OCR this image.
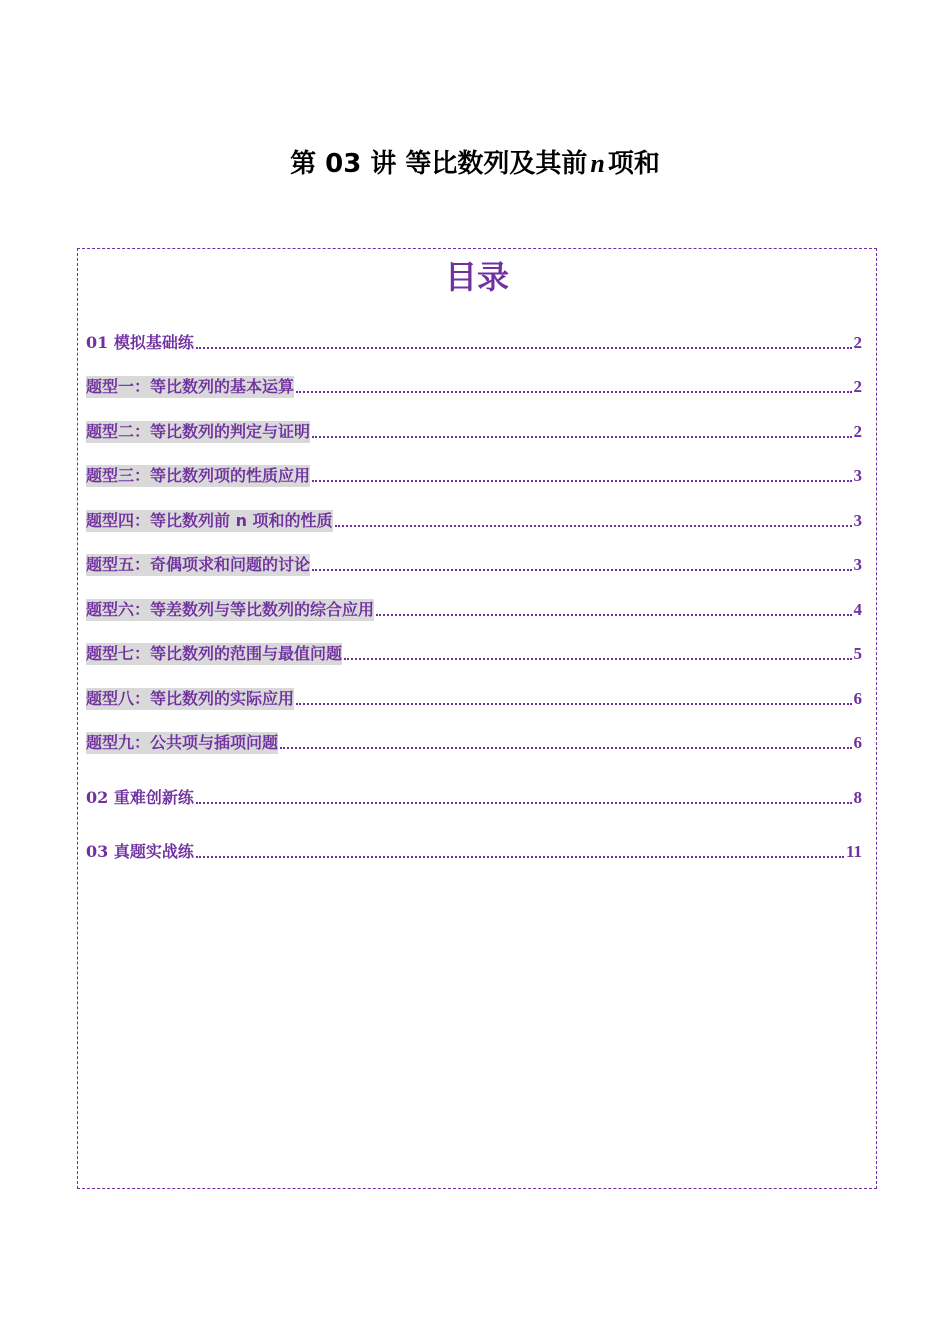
第 03 讲 等比数列及其前 n 项和
目录
01 模拟基础练	2
题型一：等比数列的基本运算	2
题型二：等比数列的判定与证明	2
题型三：等比数列项的性质应用	3
题型四：等比数列前 n 项和的性质	3
题型五：奇偶项求和问题的讨论	3
题型六：等差数列与等比数列的综合应用	4
题型七：等比数列的范围与最值问题	5
题型八：等比数列的实际应用	6
题型九：公共项与插项问题	6
02 重难创新练	8
03 真题实战练	11
